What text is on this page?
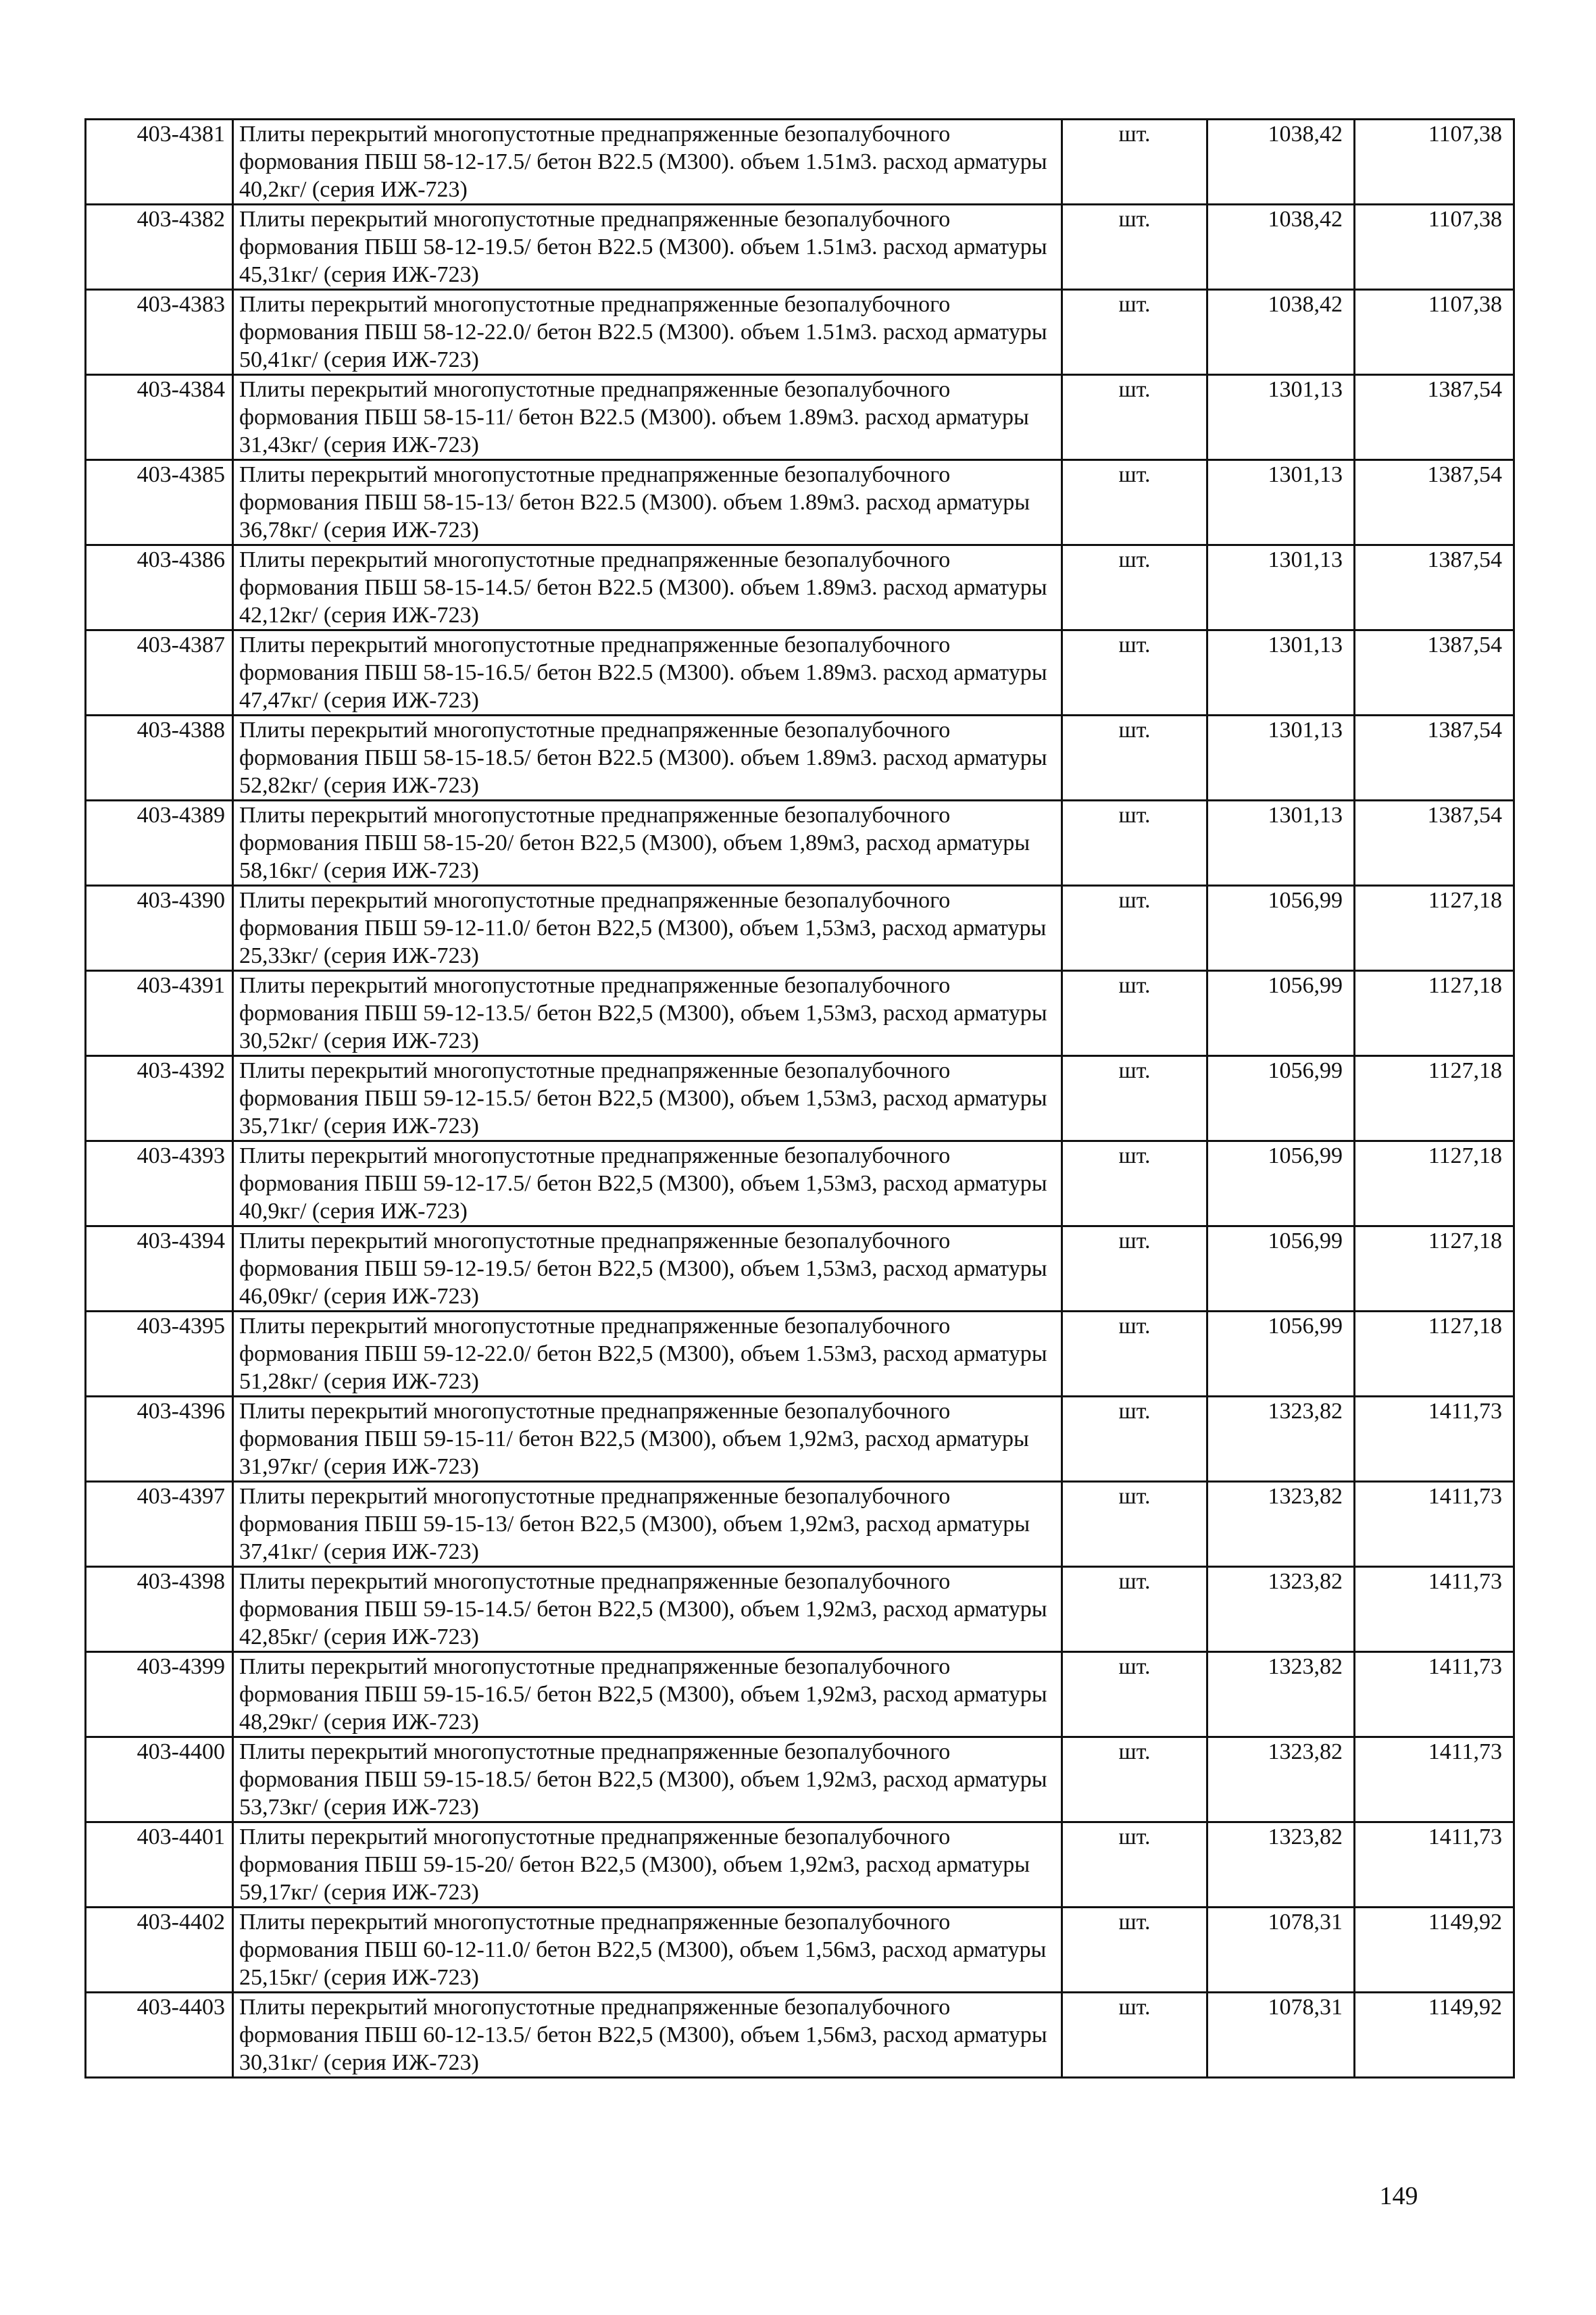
403-4381	Плиты перекрытий многопустотные преднапряженные безопалубочного формования ПБШ 58-12-17.5/ бетон В22.5 (М300). объем 1.51м3. расход арматуры 40,2кг/ (серия ИЖ-723)	шт.	1038,42	1107,38
403-4382	Плиты перекрытий многопустотные преднапряженные безопалубочного формования ПБШ 58-12-19.5/ бетон В22.5 (М300). объем 1.51м3. расход арматуры 45,31кг/ (серия ИЖ-723)	шт.	1038,42	1107,38
403-4383	Плиты перекрытий многопустотные преднапряженные безопалубочного формования ПБШ 58-12-22.0/ бетон В22.5 (М300). объем 1.51м3. расход арматуры 50,41кг/ (серия ИЖ-723)	шт.	1038,42	1107,38
403-4384	Плиты перекрытий многопустотные преднапряженные безопалубочного формования ПБШ 58-15-11/ бетон В22.5 (М300). объем 1.89м3. расход арматуры 31,43кг/ (серия ИЖ-723)	шт.	1301,13	1387,54
403-4385	Плиты перекрытий многопустотные преднапряженные безопалубочного формования ПБШ 58-15-13/ бетон В22.5 (М300). объем 1.89м3. расход арматуры 36,78кг/ (серия ИЖ-723)	шт.	1301,13	1387,54
403-4386	Плиты перекрытий многопустотные преднапряженные безопалубочного формования ПБШ 58-15-14.5/ бетон В22.5 (М300). объем 1.89м3. расход арматуры 42,12кг/ (серия ИЖ-723)	шт.	1301,13	1387,54
403-4387	Плиты перекрытий многопустотные преднапряженные безопалубочного формования ПБШ 58-15-16.5/ бетон В22.5 (М300). объем 1.89м3. расход арматуры 47,47кг/ (серия ИЖ-723)	шт.	1301,13	1387,54
403-4388	Плиты перекрытий многопустотные преднапряженные безопалубочного формования ПБШ 58-15-18.5/ бетон В22.5 (М300). объем 1.89м3. расход арматуры 52,82кг/ (серия ИЖ-723)	шт.	1301,13	1387,54
403-4389	Плиты перекрытий многопустотные преднапряженные безопалубочного формования ПБШ 58-15-20/ бетон В22,5 (М300), объем 1,89м3, расход арматуры 58,16кг/ (серия ИЖ-723)	шт.	1301,13	1387,54
403-4390	Плиты перекрытий многопустотные преднапряженные безопалубочного формования ПБШ 59-12-11.0/ бетон В22,5 (М300), объем 1,53м3, расход арматуры 25,33кг/ (серия ИЖ-723)	шт.	1056,99	1127,18
403-4391	Плиты перекрытий многопустотные преднапряженные безопалубочного формования ПБШ 59-12-13.5/ бетон В22,5 (М300), объем 1,53м3, расход арматуры 30,52кг/ (серия ИЖ-723)	шт.	1056,99	1127,18
403-4392	Плиты перекрытий многопустотные преднапряженные безопалубочного формования ПБШ 59-12-15.5/ бетон В22,5 (М300), объем 1,53м3, расход арматуры 35,71кг/ (серия ИЖ-723)	шт.	1056,99	1127,18
403-4393	Плиты перекрытий многопустотные преднапряженные безопалубочного формования ПБШ 59-12-17.5/ бетон В22,5 (М300), объем 1,53м3, расход арматуры 40,9кг/ (серия ИЖ-723)	шт.	1056,99	1127,18
403-4394	Плиты перекрытий многопустотные преднапряженные безопалубочного формования ПБШ 59-12-19.5/ бетон В22,5 (М300), объем 1,53м3, расход арматуры 46,09кг/ (серия ИЖ-723)	шт.	1056,99	1127,18
403-4395	Плиты перекрытий многопустотные преднапряженные безопалубочного формования ПБШ 59-12-22.0/ бетон В22,5 (М300), объем 1.53м3, расход арматуры 51,28кг/ (серия ИЖ-723)	шт.	1056,99	1127,18
403-4396	Плиты перекрытий многопустотные преднапряженные безопалубочного формования ПБШ 59-15-11/ бетон В22,5 (М300), объем 1,92м3, расход арматуры 31,97кг/ (серия ИЖ-723)	шт.	1323,82	1411,73
403-4397	Плиты перекрытий многопустотные преднапряженные безопалубочного формования ПБШ 59-15-13/ бетон В22,5 (М300), объем 1,92м3, расход арматуры 37,41кг/ (серия ИЖ-723)	шт.	1323,82	1411,73
403-4398	Плиты перекрытий многопустотные преднапряженные безопалубочного формования ПБШ 59-15-14.5/ бетон В22,5 (М300), объем 1,92м3, расход арматуры 42,85кг/ (серия ИЖ-723)	шт.	1323,82	1411,73
403-4399	Плиты перекрытий многопустотные преднапряженные безопалубочного формования ПБШ 59-15-16.5/ бетон В22,5 (М300), объем 1,92м3, расход арматуры 48,29кг/ (серия ИЖ-723)	шт.	1323,82	1411,73
403-4400	Плиты перекрытий многопустотные преднапряженные безопалубочного формования ПБШ 59-15-18.5/ бетон В22,5 (М300), объем 1,92м3, расход арматуры 53,73кг/ (серия ИЖ-723)	шт.	1323,82	1411,73
403-4401	Плиты перекрытий многопустотные преднапряженные безопалубочного формования ПБШ 59-15-20/ бетон В22,5 (М300), объем 1,92м3, расход арматуры 59,17кг/ (серия ИЖ-723)	шт.	1323,82	1411,73
403-4402	Плиты перекрытий многопустотные преднапряженные безопалубочного формования ПБШ 60-12-11.0/ бетон В22,5 (М300), объем 1,56м3, расход арматуры 25,15кг/ (серия ИЖ-723)	шт.	1078,31	1149,92
403-4403	Плиты перекрытий многопустотные преднапряженные безопалубочного формования ПБШ 60-12-13.5/ бетон В22,5 (М300), объем 1,56м3, расход арматуры 30,31кг/ (серия ИЖ-723)	шт.	1078,31	1149,92
149
